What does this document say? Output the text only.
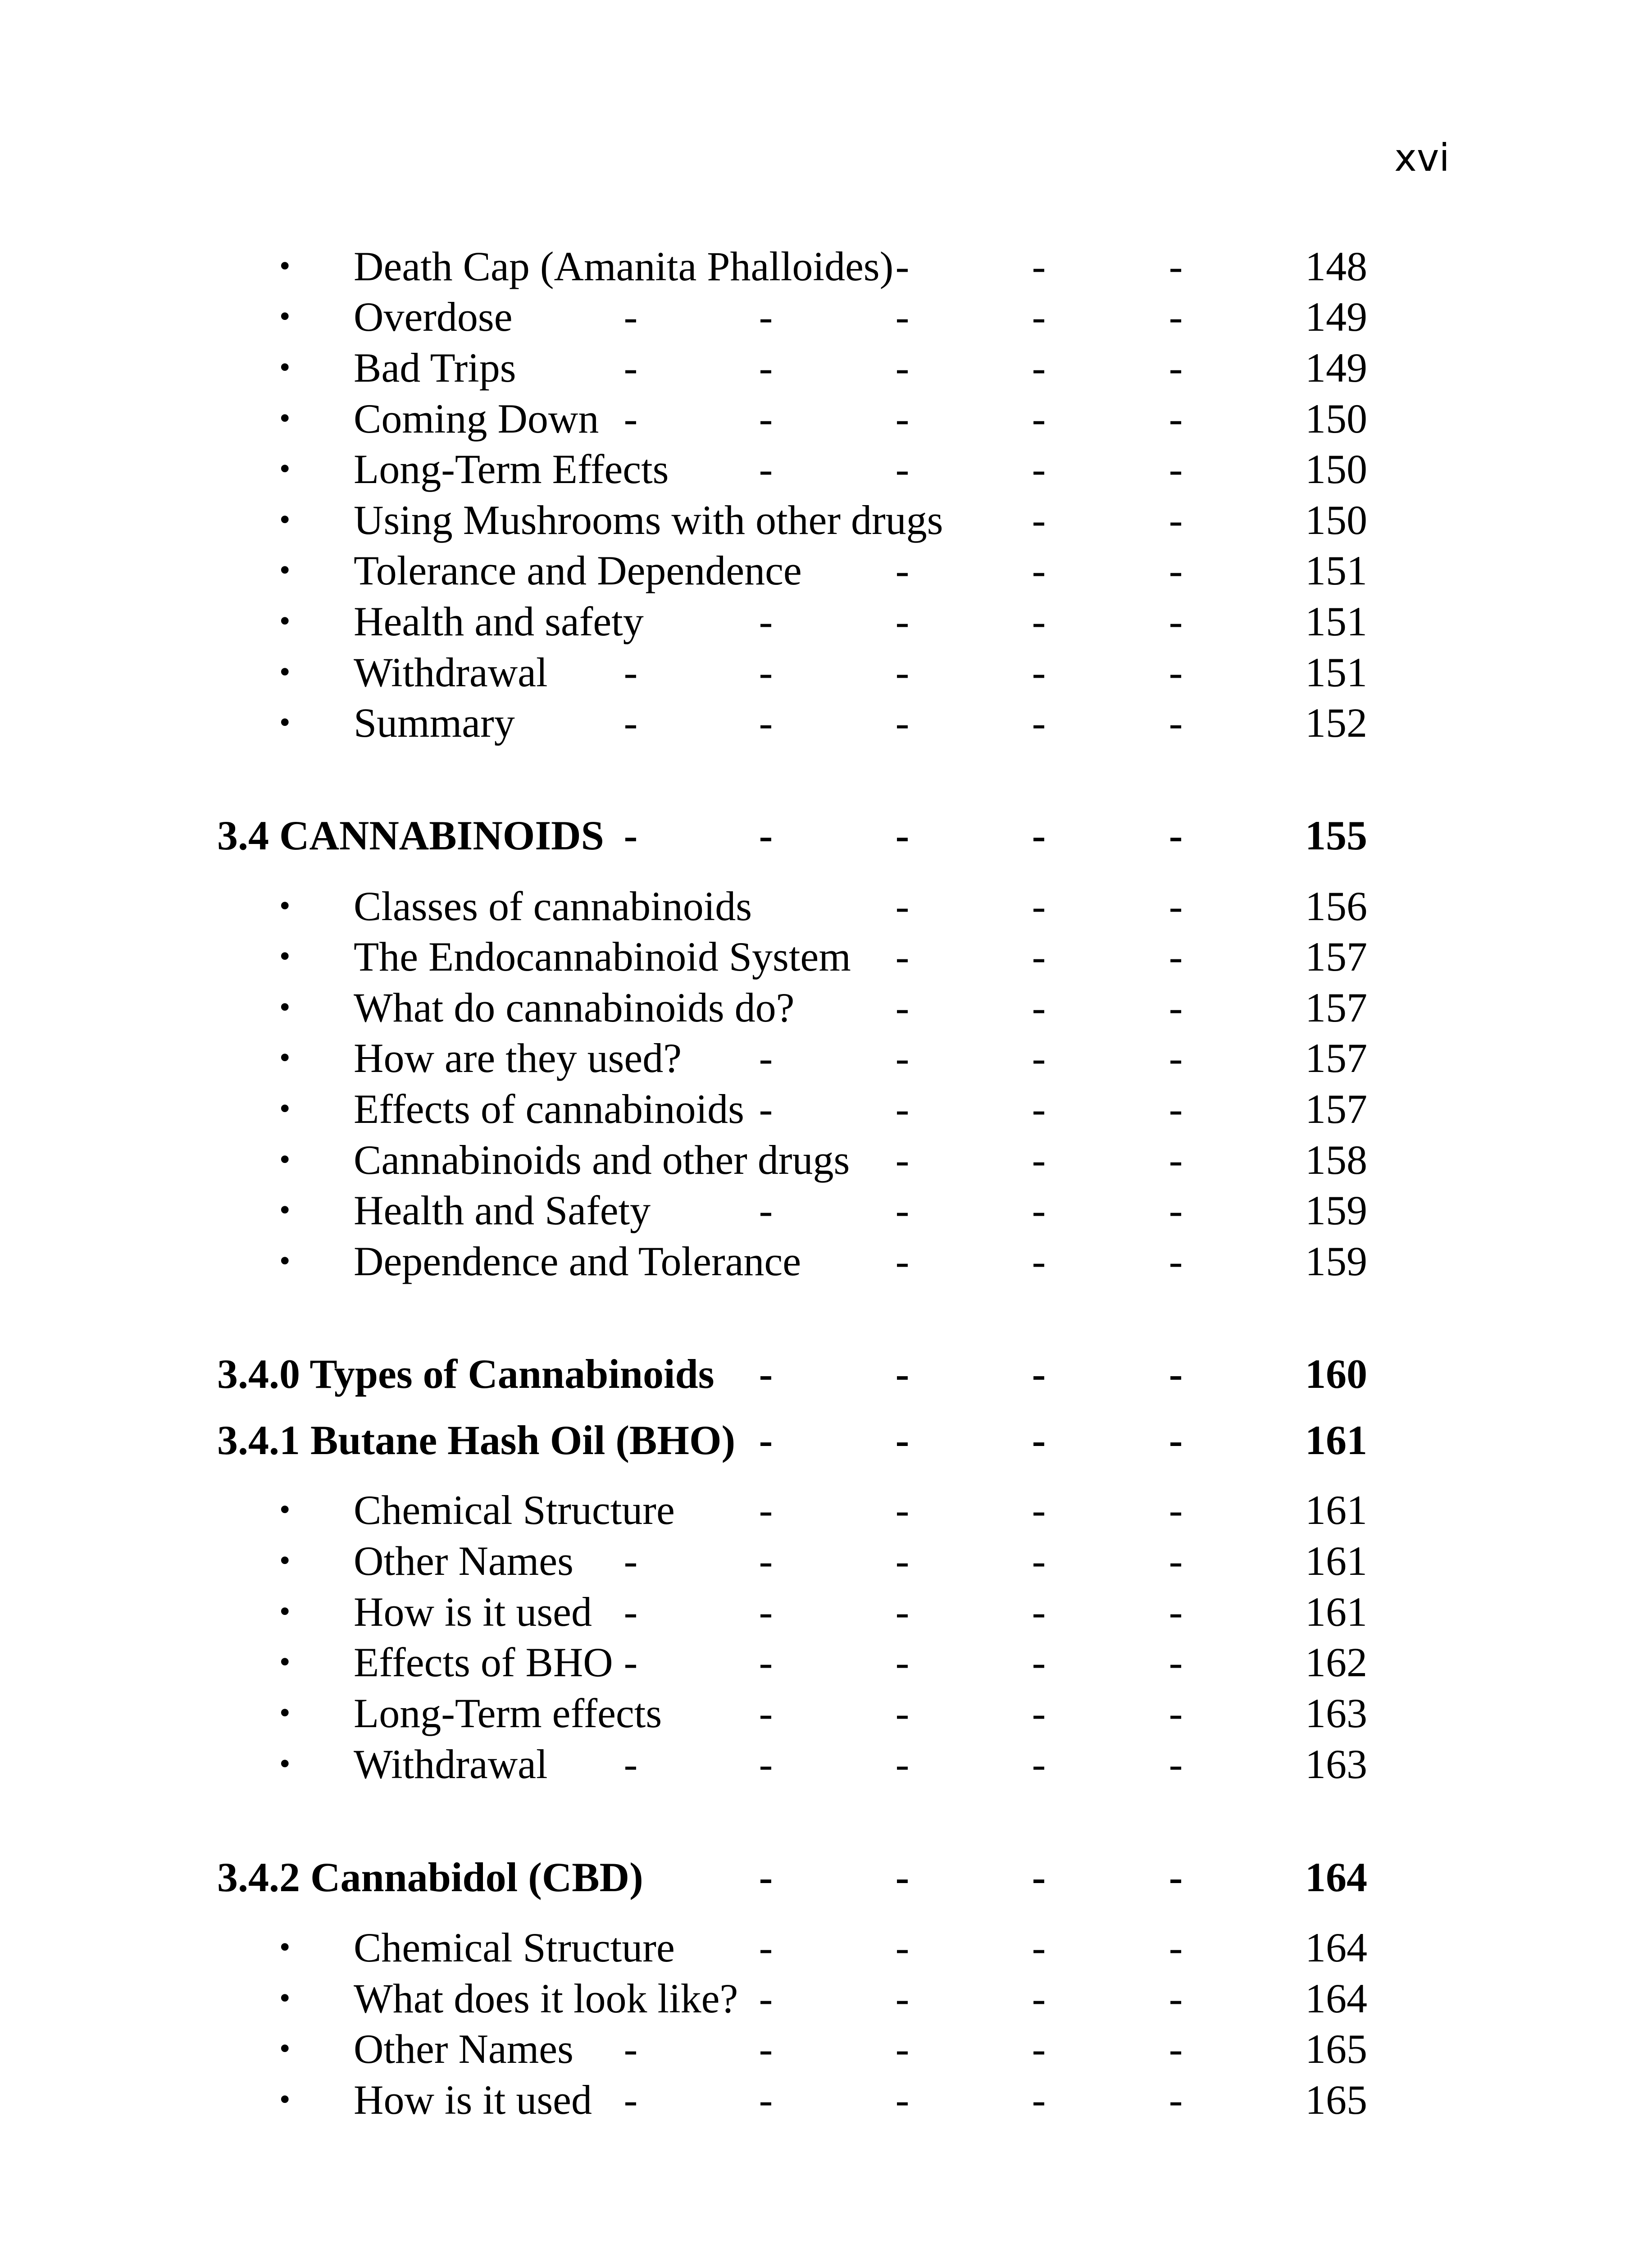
xvi
• Death Cap (Amanita Phalloides) -	-	-	148
• Overdose	-	-	-	-	-	149
• Bad Trips	-	-	-	-	-	149
• Coming Down -	-	-	-	-	150
• Long-Term Effects -	-	-	-	150
• Using Mushrooms with other drugs -	-	150
• Tolerance and Dependence -	-	-	151
• Health and safety	-	-	-	-	151
• Withdrawal -	-	-	-	-	151
• Summary	-	-	-	-	-	152
3.4 CANNABINOIDS -	-	-	-	-	155
• Classes of cannabinoids	-	-	-	156
• The Endocannabinoid System -	-	-	157
• What do cannabinoids do? -	-	-	157
• How are they used? -	-	-	-	157
• Effects of cannabinoids -	-	-	-	157
• Cannabinoids and other drugs -	-	-	158
• Health and Safety	-	-	-	-	159
• Dependence and Tolerance -	-	-	159
3.4.0 Types of Cannabinoids -	-	-	-	160
3.4.1 Butane Hash Oil (BHO) -	-	-	-	161
• Chemical Structure -	-	-	-	161
• Other Names -	-	-	-	-	161
• How is it used -	-	-	-	-	161
• Effects of BHO -	-	-	-	-	162
• Long-Term effects -	-	-	-	163
• Withdrawal -	-	-	-	-	163
3.4.2 Cannabidol (CBD)	-	-	-	-	164
• Chemical Structure -	-	-	-	164
• What does it look like? -	-	-	-	164
• Other Names -	-	-	-	-	165
• How is it used -	-	-	-	-	165
